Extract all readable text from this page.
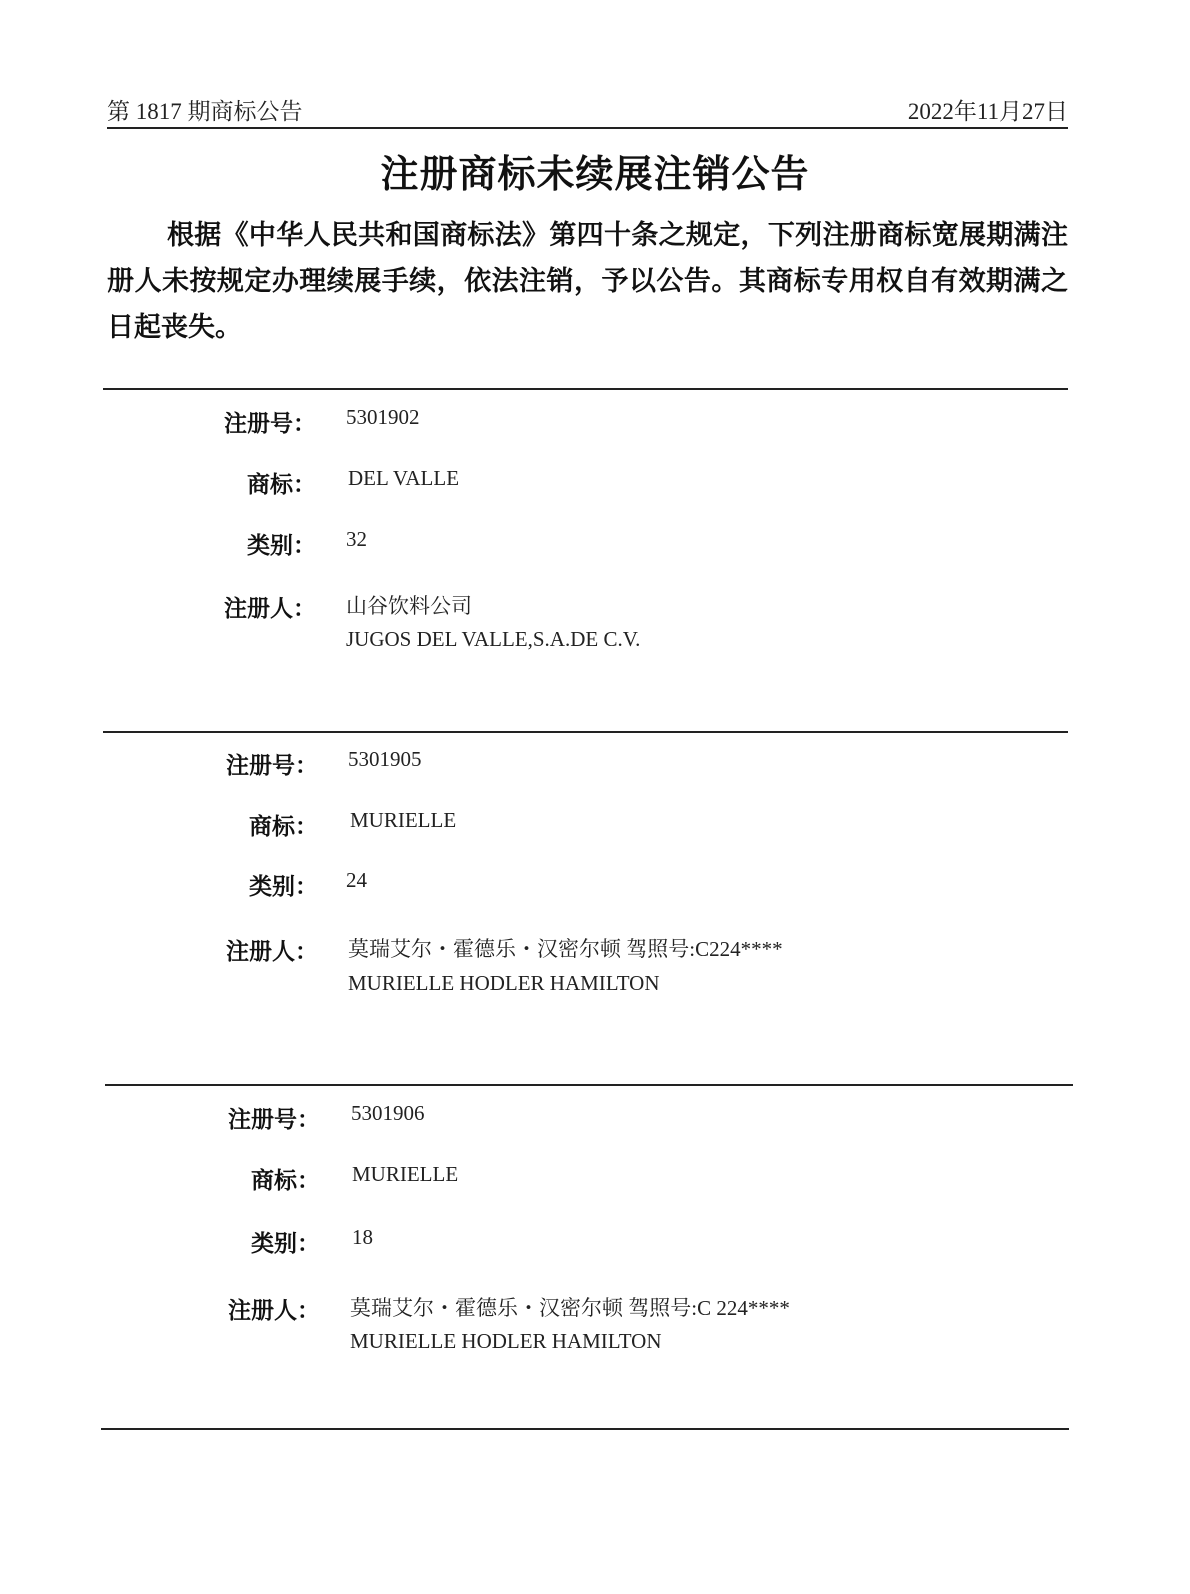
第 1817 期商标公告	2022年11月27日
注册商标未续展注销公告
根据《中华人民共和国商标法》第四十条之规定，下列注册商标宽展期满注册人未按规定办理续展手续，依法注销，予以公告。其商标专用权自有效期满之日起丧失。
注册号： 5301902
商标： DEL VALLE
类别： 32
注册人： 山谷饮料公司
JUGOS DEL VALLE,S.A.DE C.V.
注册号： 5301905
商标： MURIELLE
类别： 24
注册人： 莫瑞艾尔・霍德乐・汉密尔顿 驾照号:C224****
MURIELLE HODLER HAMILTON
注册号： 5301906
商标： MURIELLE
类别： 18
注册人： 莫瑞艾尔・霍德乐・汉密尔顿 驾照号:C 224****
MURIELLE HODLER HAMILTON
